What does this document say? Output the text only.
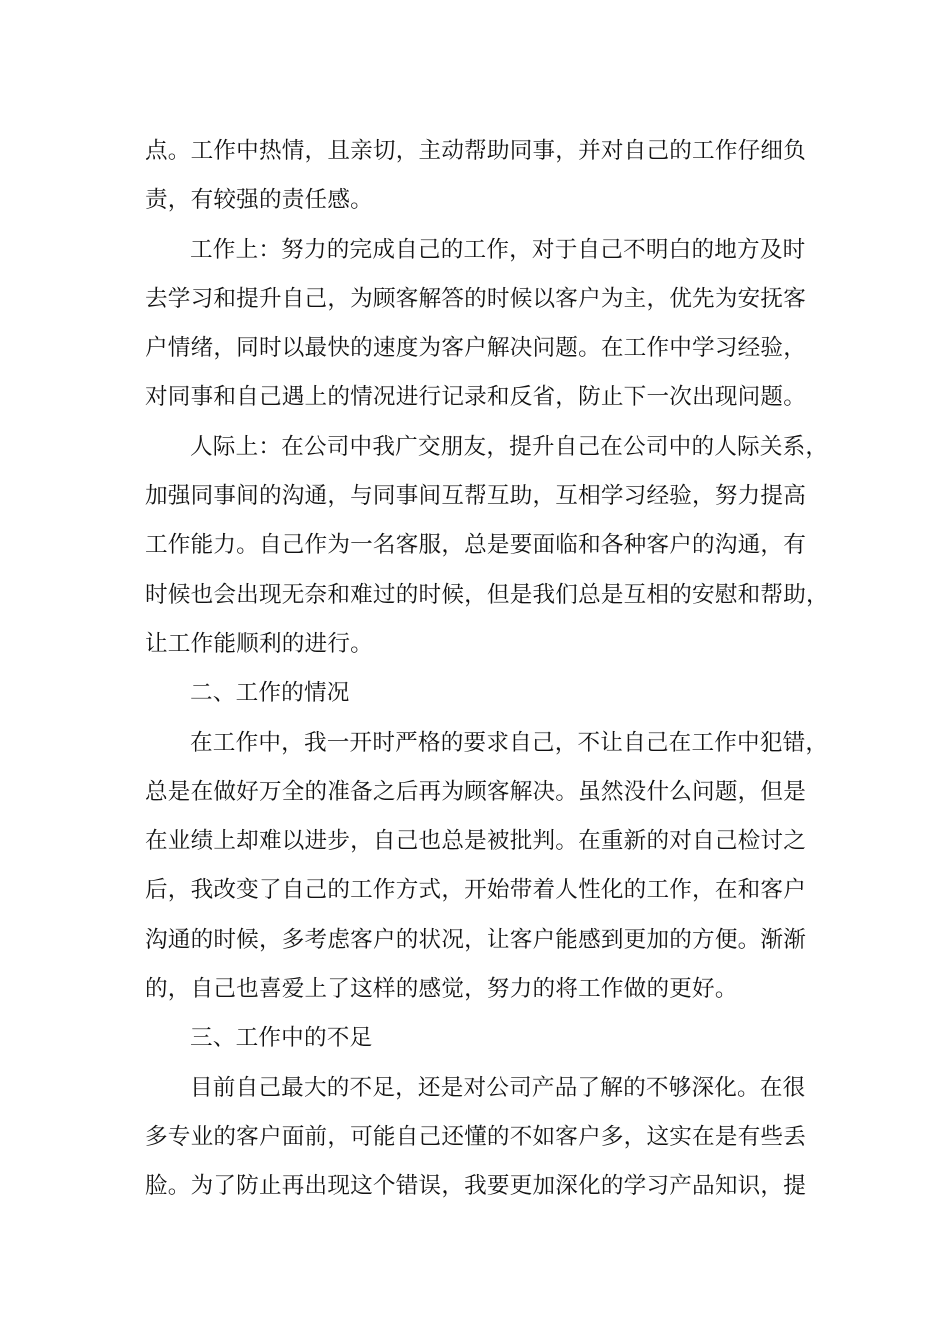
点。工作中热情，且亲切，主动帮助同事，并对自己的工作仔细负
责，有较强的责任感。
工作上：努力的完成自己的工作，对于自己不明白的地方及时
去学习和提升自己，为顾客解答的时候以客户为主，优先为安抚客
户情绪，同时以最快的速度为客户解决问题。在工作中学习经验，
对同事和自己遇上的情况进行记录和反省，防止下一次出现问题。
人际上：在公司中我广交朋友，提升自己在公司中的人际关系，
加强同事间的沟通，与同事间互帮互助，互相学习经验，努力提高
工作能力。自己作为一名客服，总是要面临和各种客户的沟通，有
时候也会出现无奈和难过的时候，但是我们总是互相的安慰和帮助，
让工作能顺利的进行。
二、工作的情况
在工作中，我一开时严格的要求自己，不让自己在工作中犯错，
总是在做好万全的准备之后再为顾客解决。虽然没什么问题，但是
在业绩上却难以进步，自己也总是被批判。在重新的对自己检讨之
后，我改变了自己的工作方式，开始带着人性化的工作，在和客户
沟通的时候，多考虑客户的状况，让客户能感到更加的方便。渐渐
的，自己也喜爱上了这样的感觉，努力的将工作做的更好。
三、工作中的不足
目前自己最大的不足，还是对公司产品了解的不够深化。在很
多专业的客户面前，可能自己还懂的不如客户多，这实在是有些丢
脸。为了防止再出现这个错误，我要更加深化的学习产品知识，提
